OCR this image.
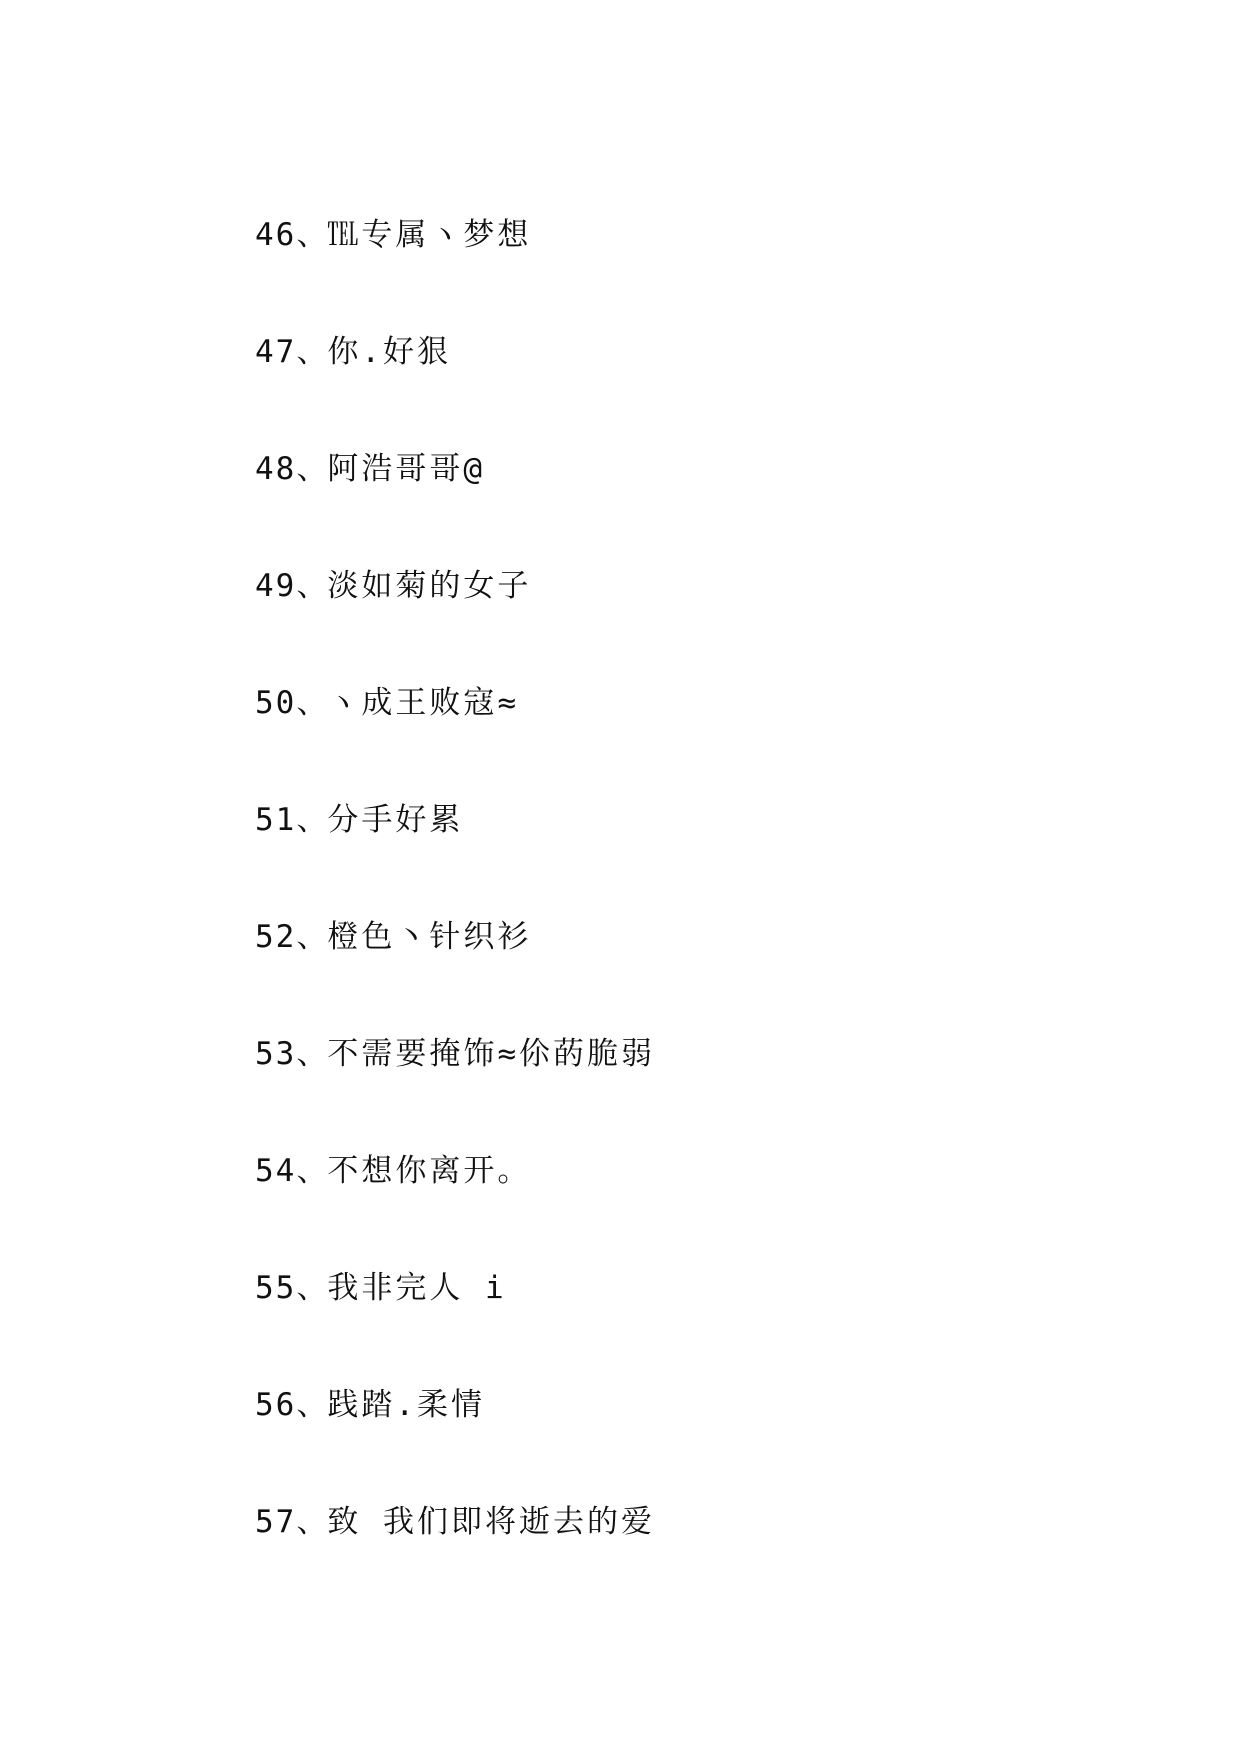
46 、 ℡专属ヽ梦想
47 、 你.好狠
48 、 阿浩哥哥@
49 、 淡如菊的女子
50 、 ヽ成王败寇≈
51 、 分手好累
52 、 橙色丶针织衫
53 、 不需要掩饰≈伱菂脆弱
54 、 不想你离开。
55 、 我非完人 i
56 、 践踏.柔情
57 、 致 我们即将逝去的爱
